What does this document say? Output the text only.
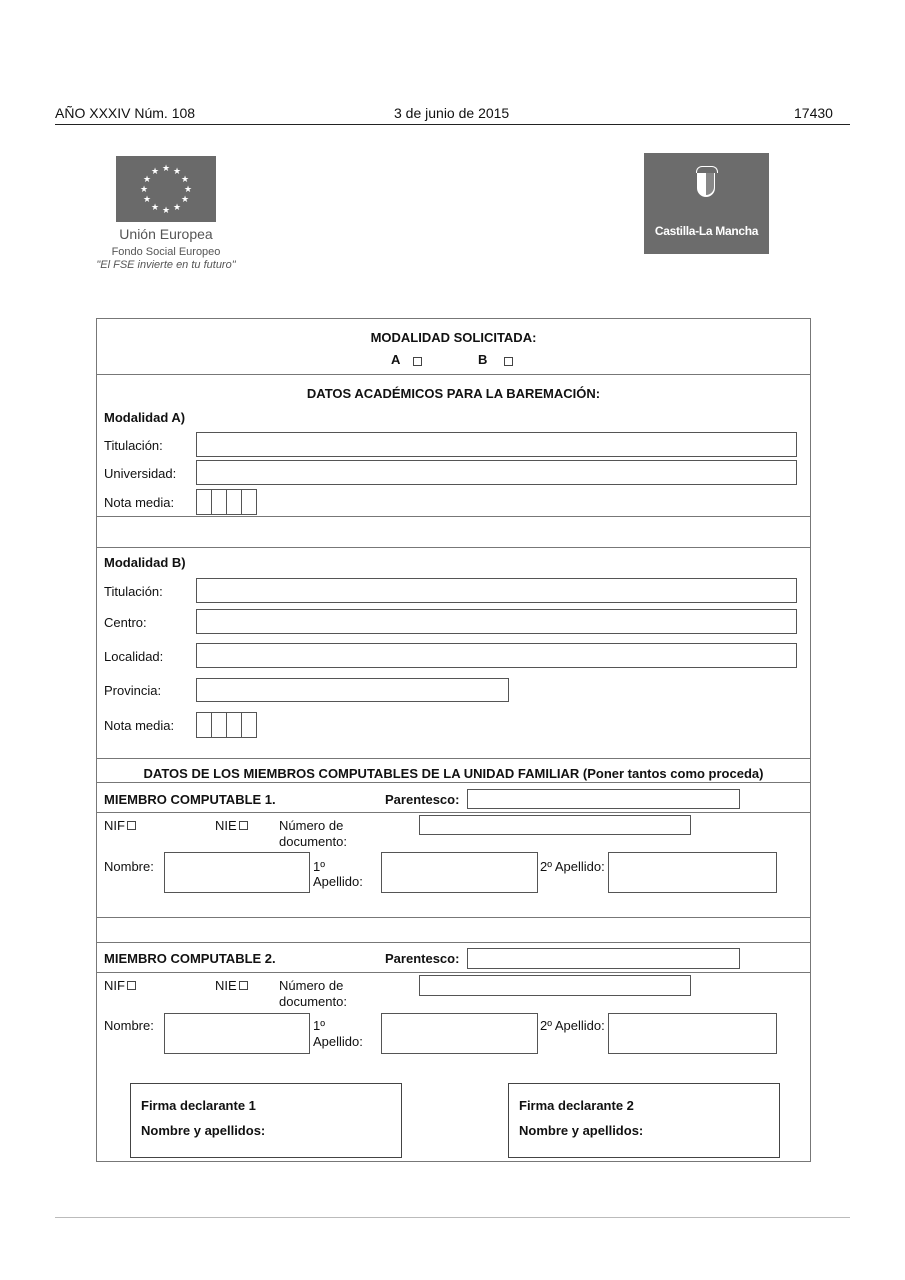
AÑO XXXIV Núm. 108	3 de junio de 2015	17430
★ ★
★
★
★
★
★
★
★
★
★
★
Unión Europea
Fondo Social Europeo
"El FSE invierte en tu futuro"
Castilla-La Mancha
MODALIDAD SOLICITADA:
A	B
DATOS ACADÉMICOS PARA LA BAREMACIÓN:
Modalidad A)
Titulación:
Universidad:
Nota media:
Modalidad B)
Titulación:
Centro:
Localidad:
Provincia:
Nota media:
DATOS DE LOS MIEMBROS COMPUTABLES DE LA UNIDAD FAMILIAR (Poner tantos como proceda)
MIEMBRO COMPUTABLE 1.	Parentesco:
NIF	NIE	Número de
documento:
Nombre:	1º
Apellido:
2º Apellido:
MIEMBRO COMPUTABLE 2.	Parentesco:
NIF	NIE	Número de
documento:
Nombre:	1º
Apellido:
2º Apellido:
Firma declarante 1
Nombre y apellidos:
Firma declarante 2
Nombre y apellidos:
